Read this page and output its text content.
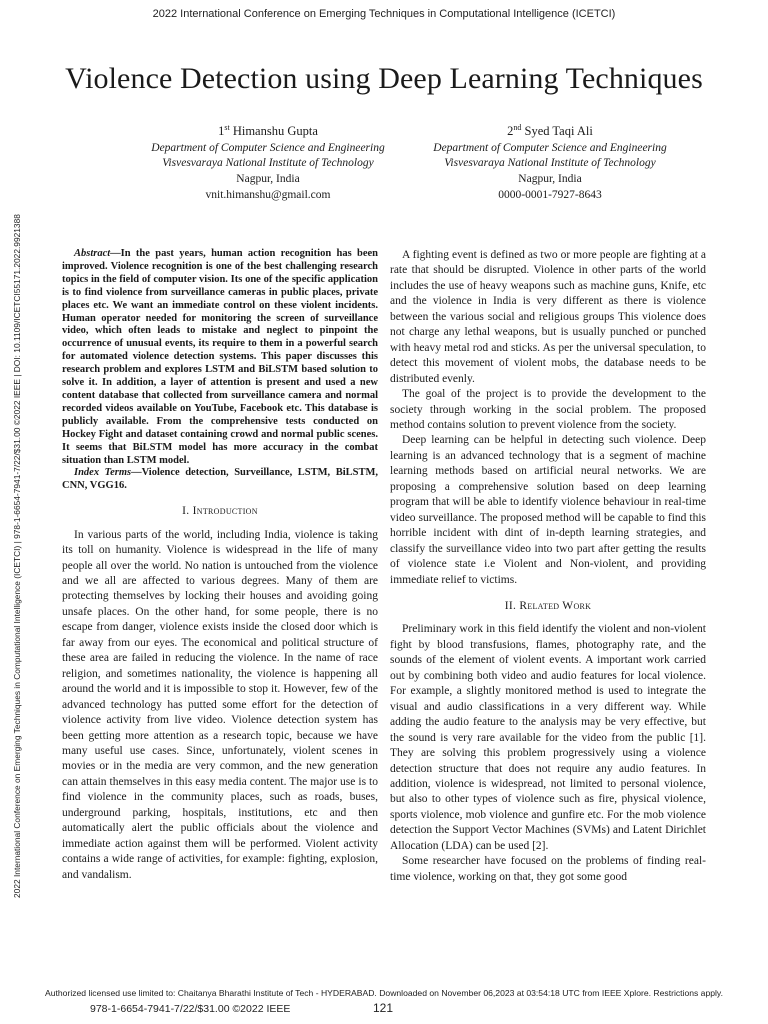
2022 International Conference on Emerging Techniques in Computational Intelligence (ICETCI)
2022 International Conference on Emerging Techniques in Computational Intelligence (ICETCI) | 978-1-6654-7941-7/22/$31.00 ©2022 IEEE | DOI: 10.1109/ICETCI55171.2022.9921388
Violence Detection using Deep Learning Techniques
1st Himanshu Gupta
Department of Computer Science and Engineering
Visvesvaraya National Institute of Technology
Nagpur, India
vnit.himanshu@gmail.com
2nd Syed Taqi Ali
Department of Computer Science and Engineering
Visvesvaraya National Institute of Technology
Nagpur, India
0000-0001-7927-8643

Abstract—In the past years, human action recognition has been improved. Violence recognition is one of the best challenging research topics in the field of computer vision. Its one of the specific application is to find violence from surveillance cameras in public places, private places etc. We want an immediate control on these violent incidents. Human operator needed for monitoring the screen of surveillance video, which often leads to mistake and neglect to pinpoint the occurrence of unusual events, its require to them in a powerful search for automated violence detection systems. This paper discusses this research problem and explores LSTM and BiLSTM based solution to solve it. In addition, a layer of attention is present and used a new content database that collected from surveillance camera and normal recorded videos available on YouTube, Facebook etc. This database is publicly available. From the comprehensive tests conducted on Hockey Fight and dataset containing crowd and normal public scenes. It seems that BiLSTM model has more accuracy in the combat situation than LSTM model.

Index Terms—Violence detection, Surveillance, LSTM, BiLSTM, CNN, VGG16.

I. Introduction

In various parts of the world, including India, violence is taking its toll on humanity. Violence is widespread in the life of many people all over the world. No nation is untouched from the violence and we all are affected to various degrees. Many of them are protecting themselves by locking their houses and avoiding going unsafe places. On the other hand, for some people, there is no escape from danger, violence exists inside the closed door which is far away from our eyes. The economical and political structure of these area are failed in reducing the violence. In the name of race religion, and sometimes nationality, the violence is happening all around the world and it is impossible to stop it. However, few of the advanced technology has putted some effort for the detection of violence activity from live video. Violence detection system has been getting more attention as a research topic, because we have many useful use cases. Since, unfortunately, violent scenes in movies or in the media are very common, and the new generation can attain themselves in this easy media content. The major use is to find violence in the community places, such as roads, buses, underground parking, hospitals, institutions, etc and then automatically alert the public officials about the violence and immediate action against them will be performed. Violent activity contains a wide range of activities, for example: fighting, explosion, and vandalism.

A fighting event is defined as two or more people are fighting at a rate that should be disrupted. Violence in other parts of the world includes the use of heavy weapons such as machine guns, Knife, etc and the violence in India is very different as there is violence between the various social and religious groups This violence does not charge any lethal weapons, but is usually punched or punched with heavy metal rod and sticks. As per the universal speculation, to detect this movement of violent mobs, the database needs to be distributed evenly.

The goal of the project is to provide the development to the society through working in the social problem. The proposed method contains solution to prevent violence from the society.

Deep learning can be helpful in detecting such violence. Deep learning is an advanced technology that is a segment of machine learning methods based on artificial neural networks. We are proposing a comprehensive solution based on deep learning program that will be able to identify violence behaviour in real-time video surveillance. The proposed method will be capable to find this horrible incident with dint of in-depth learning strategies, and classify the surveillance video into two part after getting the results of violence state i.e Violent and Non-violent, and providing immediate relief to victims.

II. Related Work

Preliminary work in this field identify the violent and non-violent fight by blood transfusions, flames, photography rate, and the sounds of the element of violent events. A important work carried out by combining both video and audio features for local violence. For example, a slightly monitored method is used to integrate the visual and audio classifications in a very different way. While adding the audio feature to the analysis may be very effective, but the sound is very rare available for the video from the public [1]. They are solving this problem progressively using a violence detection structure that does not require any audio features. In addition, violence is widespread, not limited to personal violence, but also to other types of violence such as fire, physical violence, sports violence, mob violence and gunfire etc. For the mob violence detection the Support Vector Machines (SVMs) and Latent Dirichlet Allocation (LDA) can be used [2].

Some researcher have focused on the problems of finding real-time violence, working on that, they got some good

Authorized licensed use limited to: Chaitanya Bharathi Institute of Tech - HYDERABAD. Downloaded on November 06,2023 at 03:54:18 UTC from IEEE Xplore. Restrictions apply.
978-1-6654-7941-7/22/$31.00 ©2022 IEEE	121
